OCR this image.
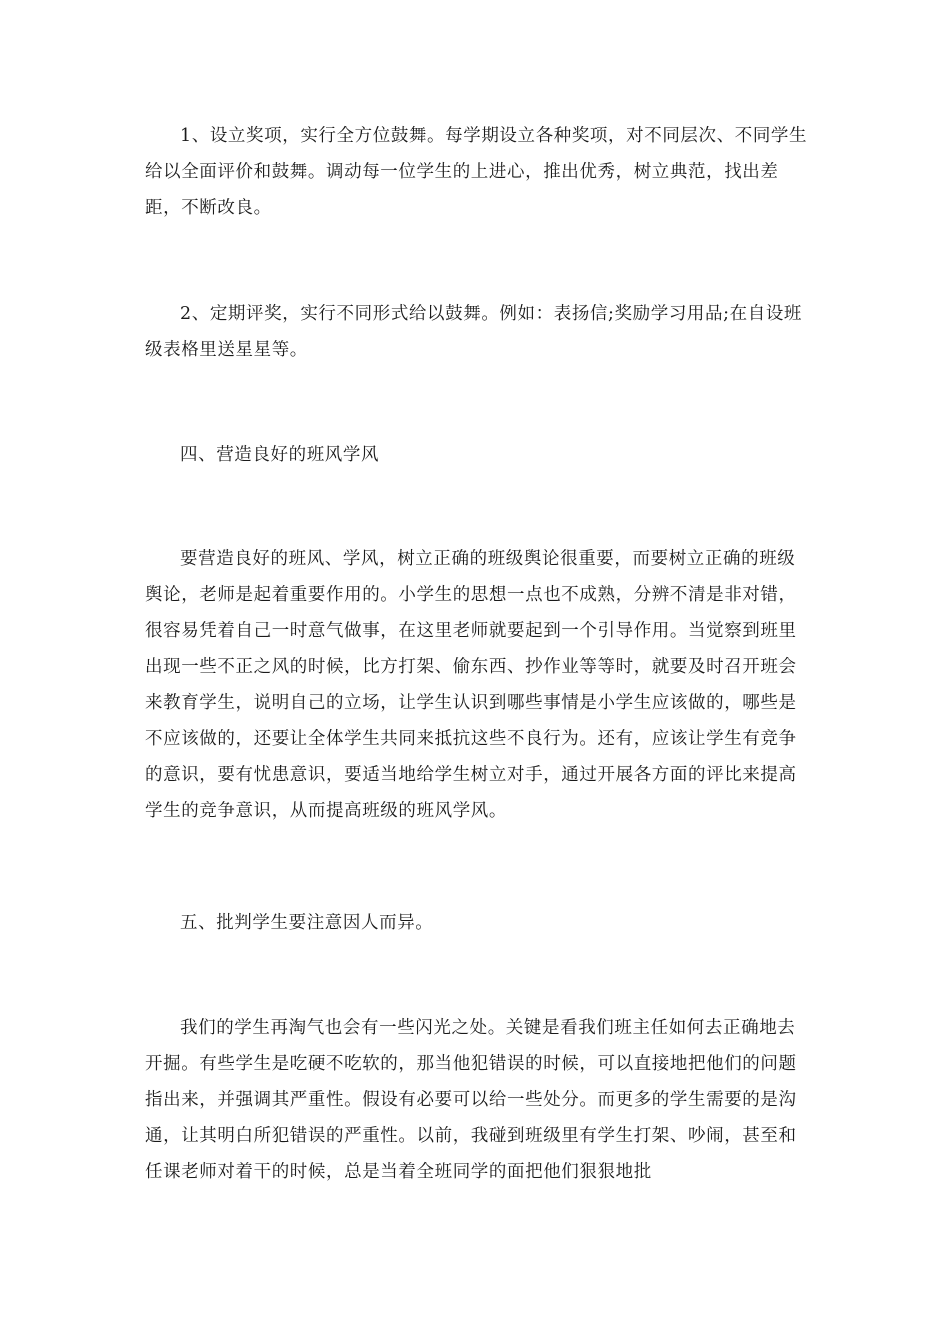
1、设立奖项，实行全方位鼓舞。每学期设立各种奖项，对不同层次、不同学生给以全面评价和鼓舞。调动每一位学生的上进心，推出优秀，树立典范，找出差距，不断改良。

2、定期评奖，实行不同形式给以鼓舞。例如：表扬信;奖励学习用品;在自设班级表格里送星星等。

四、营造良好的班风学风

要营造良好的班风、学风，树立正确的班级舆论很重要，而要树立正确的班级舆论，老师是起着重要作用的。小学生的思想一点也不成熟，分辨不清是非对错，很容易凭着自己一时意气做事，在这里老师就要起到一个引导作用。当觉察到班里出现一些不正之风的时候，比方打架、偷东西、抄作业等等时，就要及时召开班会来教育学生，说明自己的立场，让学生认识到哪些事情是小学生应该做的，哪些是不应该做的，还要让全体学生共同来抵抗这些不良行为。还有，应该让学生有竞争的意识，要有忧患意识，要适当地给学生树立对手，通过开展各方面的评比来提高学生的竞争意识，从而提高班级的班风学风。

五、批判学生要注意因人而异。

我们的学生再淘气也会有一些闪光之处。关键是看我们班主任如何去正确地去开掘。有些学生是吃硬不吃软的，那当他犯错误的时候，可以直接地把他们的问题指出来，并强调其严重性。假设有必要可以给一些处分。而更多的学生需要的是沟通，让其明白所犯错误的严重性。以前，我碰到班级里有学生打架、吵闹，甚至和任课老师对着干的时候，总是当着全班同学的面把他们狠狠地批
